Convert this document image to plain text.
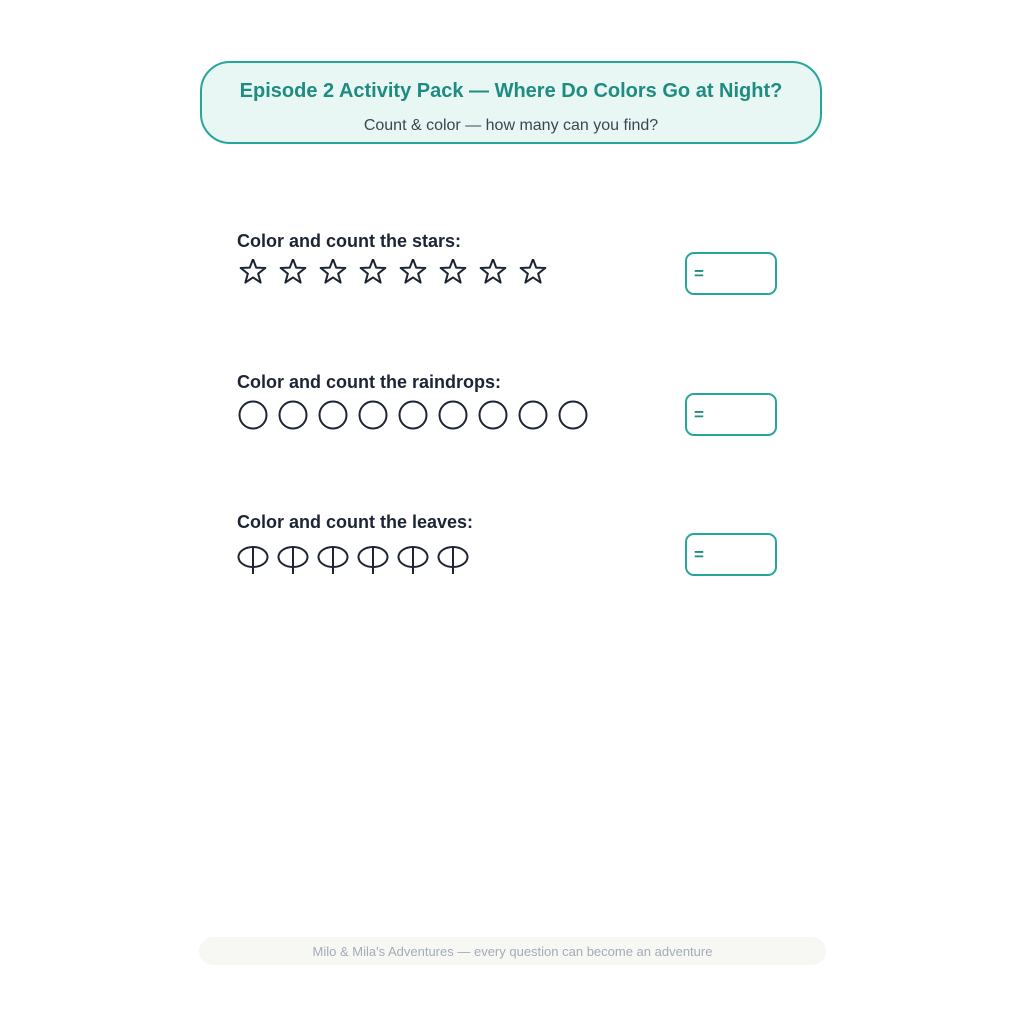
Episode 2 Activity Pack — Where Do Colors Go at Night?
Count & color — how many can you find?
Color and count the stars:
=
Color and count the raindrops:
=
Color and count the leaves:
=
Milo & Mila's Adventures — every question can become an adventure
